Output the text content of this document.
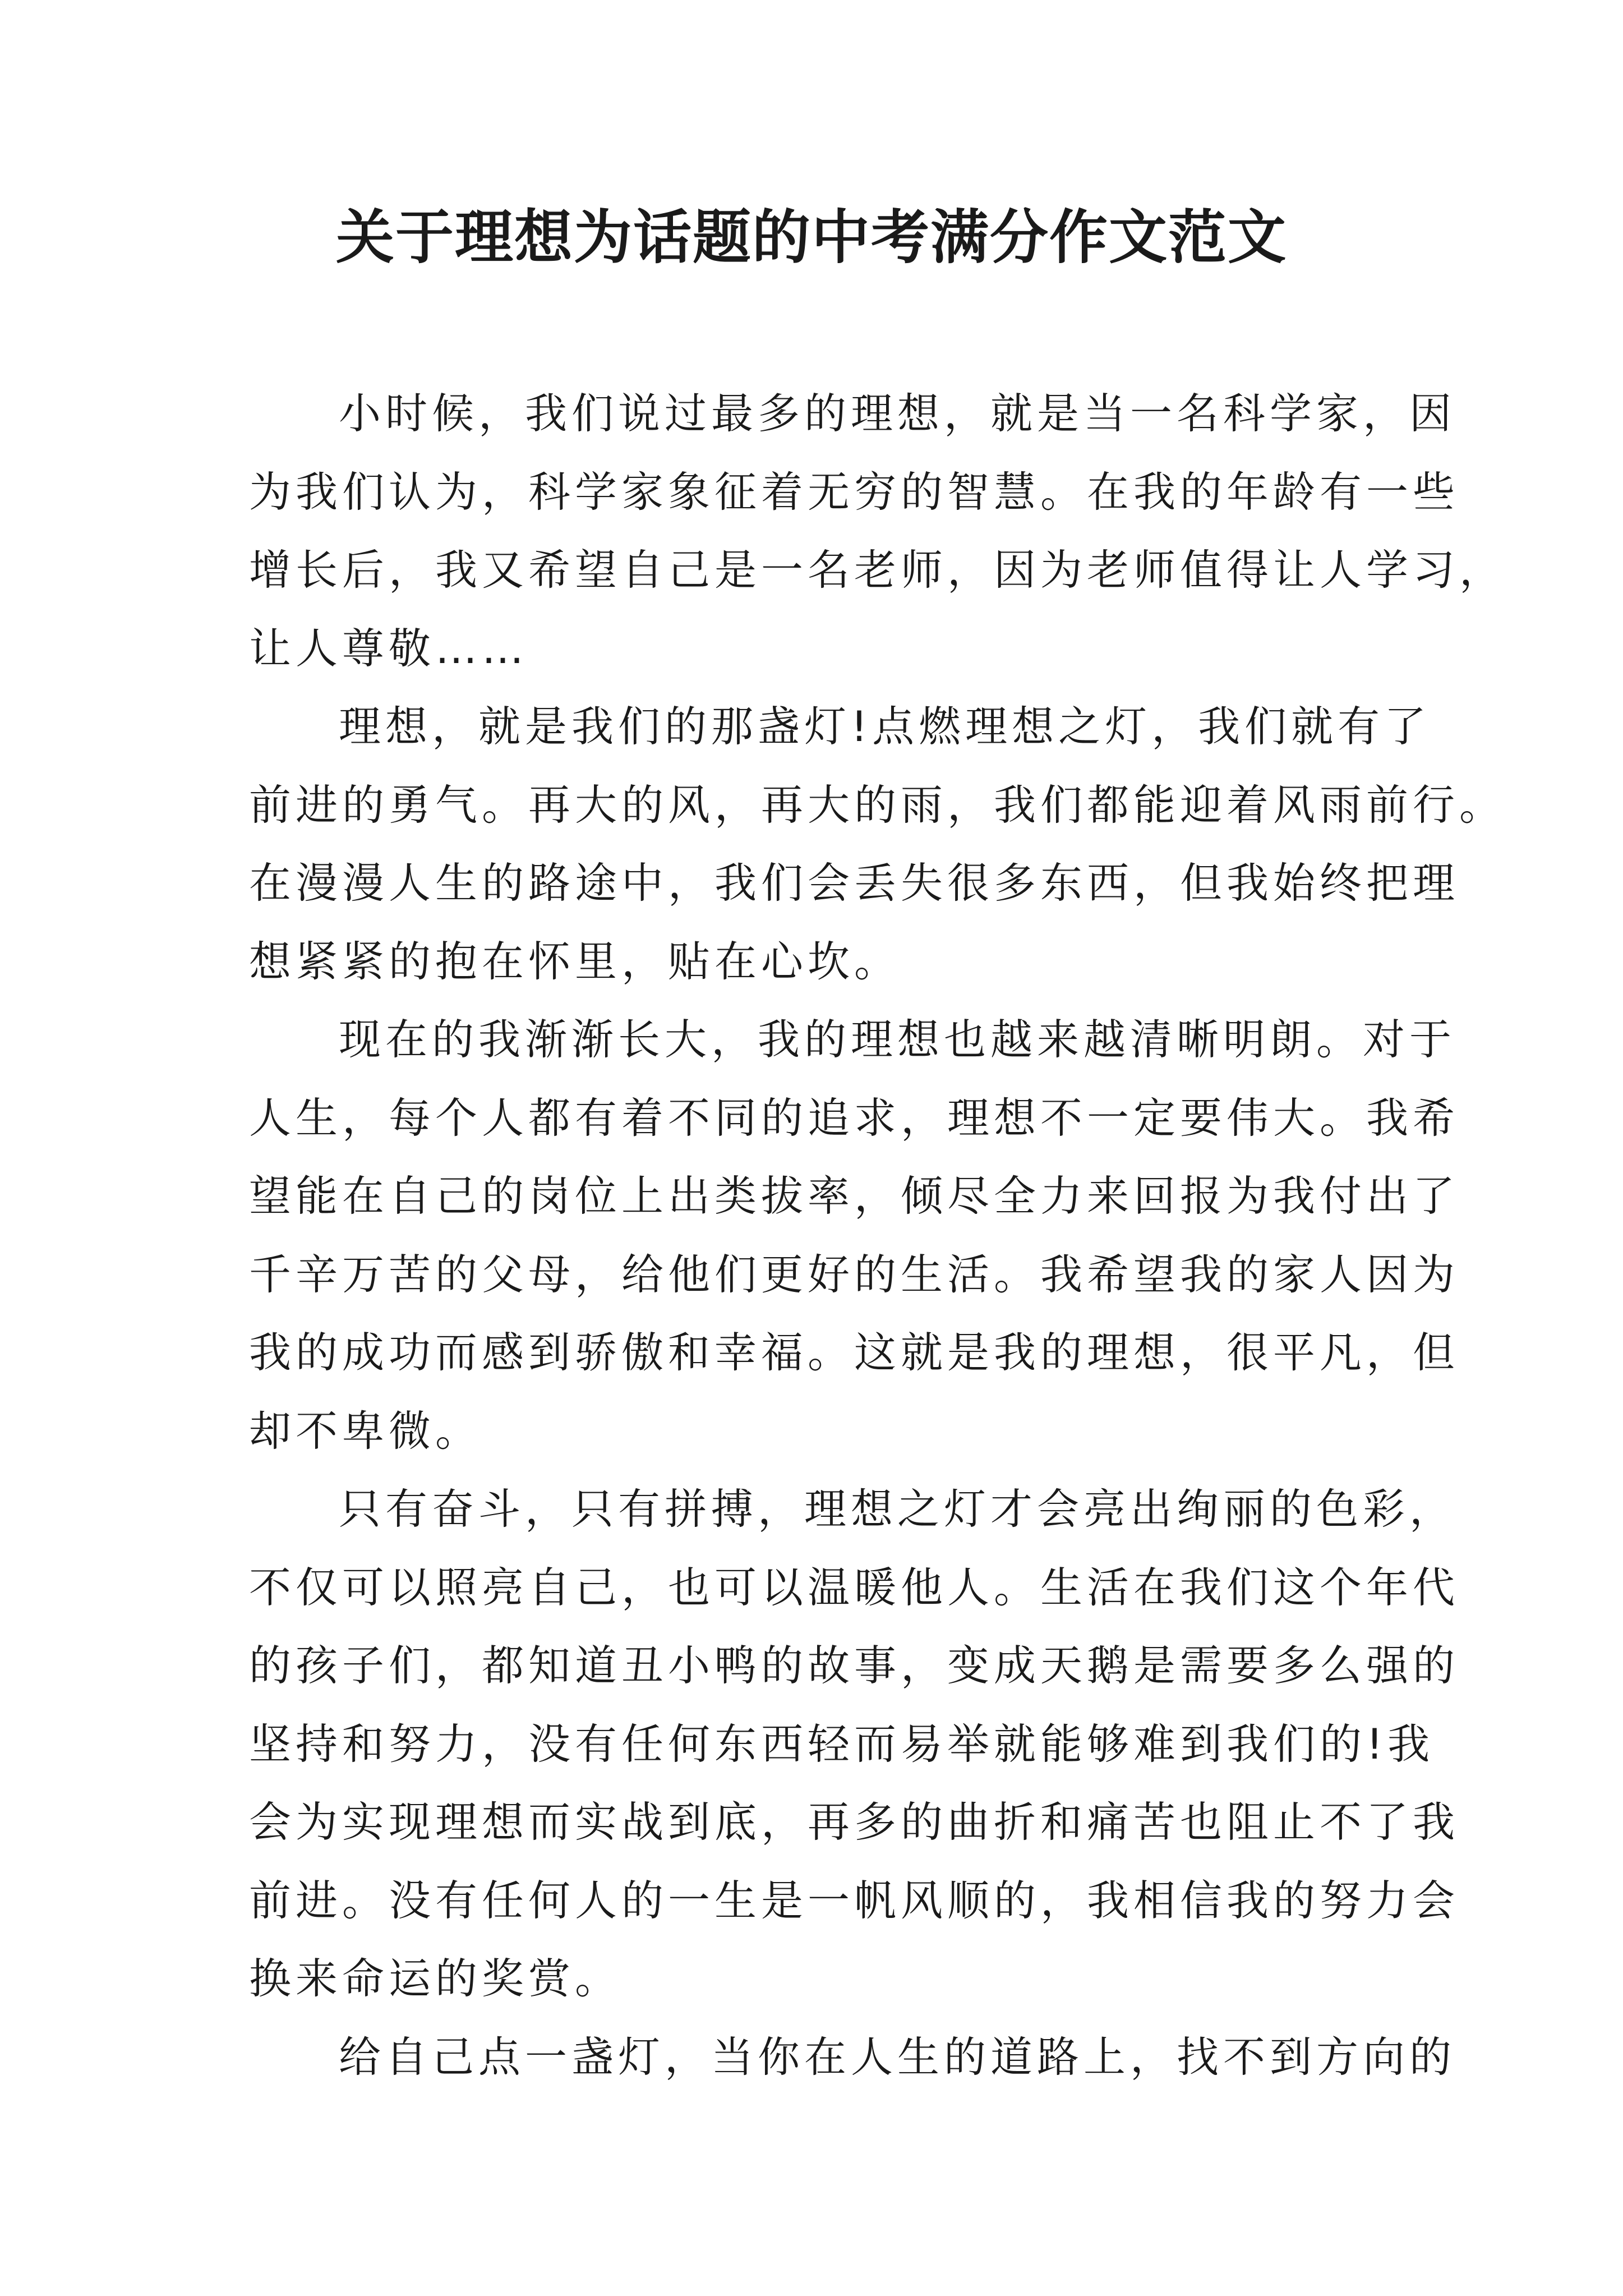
关于理想为话题的中考满分作文范文
小时候，我们说过最多的理想，就是当一名科学家，因
为我们认为，科学家象征着无穷的智慧。在我的年龄有一些
增长后，我又希望自己是一名老师，因为老师值得让人学习，
让人尊敬……
理想，就是我们的那盏灯!点燃理想之灯，我们就有了
前进的勇气。再大的风，再大的雨，我们都能迎着风雨前行。
在漫漫人生的路途中，我们会丢失很多东西，但我始终把理
想紧紧的抱在怀里，贴在心坎。
现在的我渐渐长大，我的理想也越来越清晰明朗。对于
人生，每个人都有着不同的追求，理想不一定要伟大。我希
望能在自己的岗位上出类拔率，倾尽全力来回报为我付出了
千辛万苦的父母，给他们更好的生活。我希望我的家人因为
我的成功而感到骄傲和幸福。这就是我的理想，很平凡，但
却不卑微。
只有奋斗，只有拼搏，理想之灯才会亮出绚丽的色彩，
不仅可以照亮自己，也可以温暖他人。生活在我们这个年代
的孩子们，都知道丑小鸭的故事，变成天鹅是需要多么强的
坚持和努力，没有任何东西轻而易举就能够难到我们的!我
会为实现理想而实战到底，再多的曲折和痛苦也阻止不了我
前进。没有任何人的一生是一帆风顺的，我相信我的努力会
换来命运的奖赏。
给自己点一盏灯，当你在人生的道路上，找不到方向的
